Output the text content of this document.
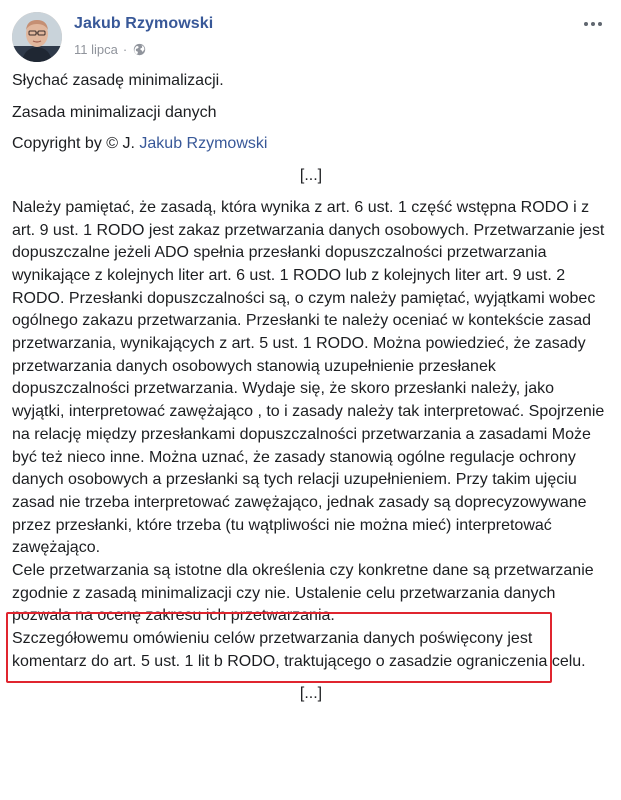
Jakub Rzymowski
11 lipca ·

Słychać zasadę minimalizacji.

Zasada minimalizacji danych

Copyright by © J. Jakub Rzymowski

[...]

Należy pamiętać, że zasadą, która wynika z art. 6 ust. 1 część wstępna RODO i z art. 9 ust. 1 RODO jest zakaz przetwarzania danych osobowych. Przetwarzanie jest dopuszczalne jeżeli ADO spełnia przesłanki dopuszczalności przetwarzania wynikające z kolejnych liter art. 6 ust. 1 RODO lub z kolejnych liter art. 9 ust. 2 RODO. Przesłanki dopuszczalności są, o czym należy pamiętać, wyjątkami wobec ogólnego zakazu przetwarzania. Przesłanki te należy oceniać w kontekście zasad przetwarzania, wynikających z art. 5 ust. 1 RODO. Można powiedzieć, że zasady przetwarzania danych osobowych stanowią uzupełnienie przesłanek dopuszczalności przetwarzania. Wydaje się, że skoro przesłanki należy, jako wyjątki, interpretować zawężająco , to i zasady należy tak interpretować. Spojrzenie na relację między przesłankami dopuszczalności przetwarzania a zasadami Może być też nieco inne. Można uznać, że zasady stanowią ogólne regulacje ochrony danych osobowych a przesłanki są tych relacji uzupełnieniem. Przy takim ujęciu zasad nie trzeba interpretować zawężająco, jednak zasady są doprecyzowywane przez przesłanki, które trzeba (tu wątpliwości nie można mieć) interpretować zawężająco.

Cele przetwarzania są istotne dla określenia czy konkretne dane są przetwarzanie zgodnie z zasadą minimalizacji czy nie. Ustalenie celu przetwarzania danych pozwala na ocenę zakresu ich przetwarzania.

Szczegółowemu omówieniu celów przetwarzania danych poświęcony jest komentarz do art. 5 ust. 1 lit b RODO, traktującego o zasadzie ograniczenia celu.

[...]
